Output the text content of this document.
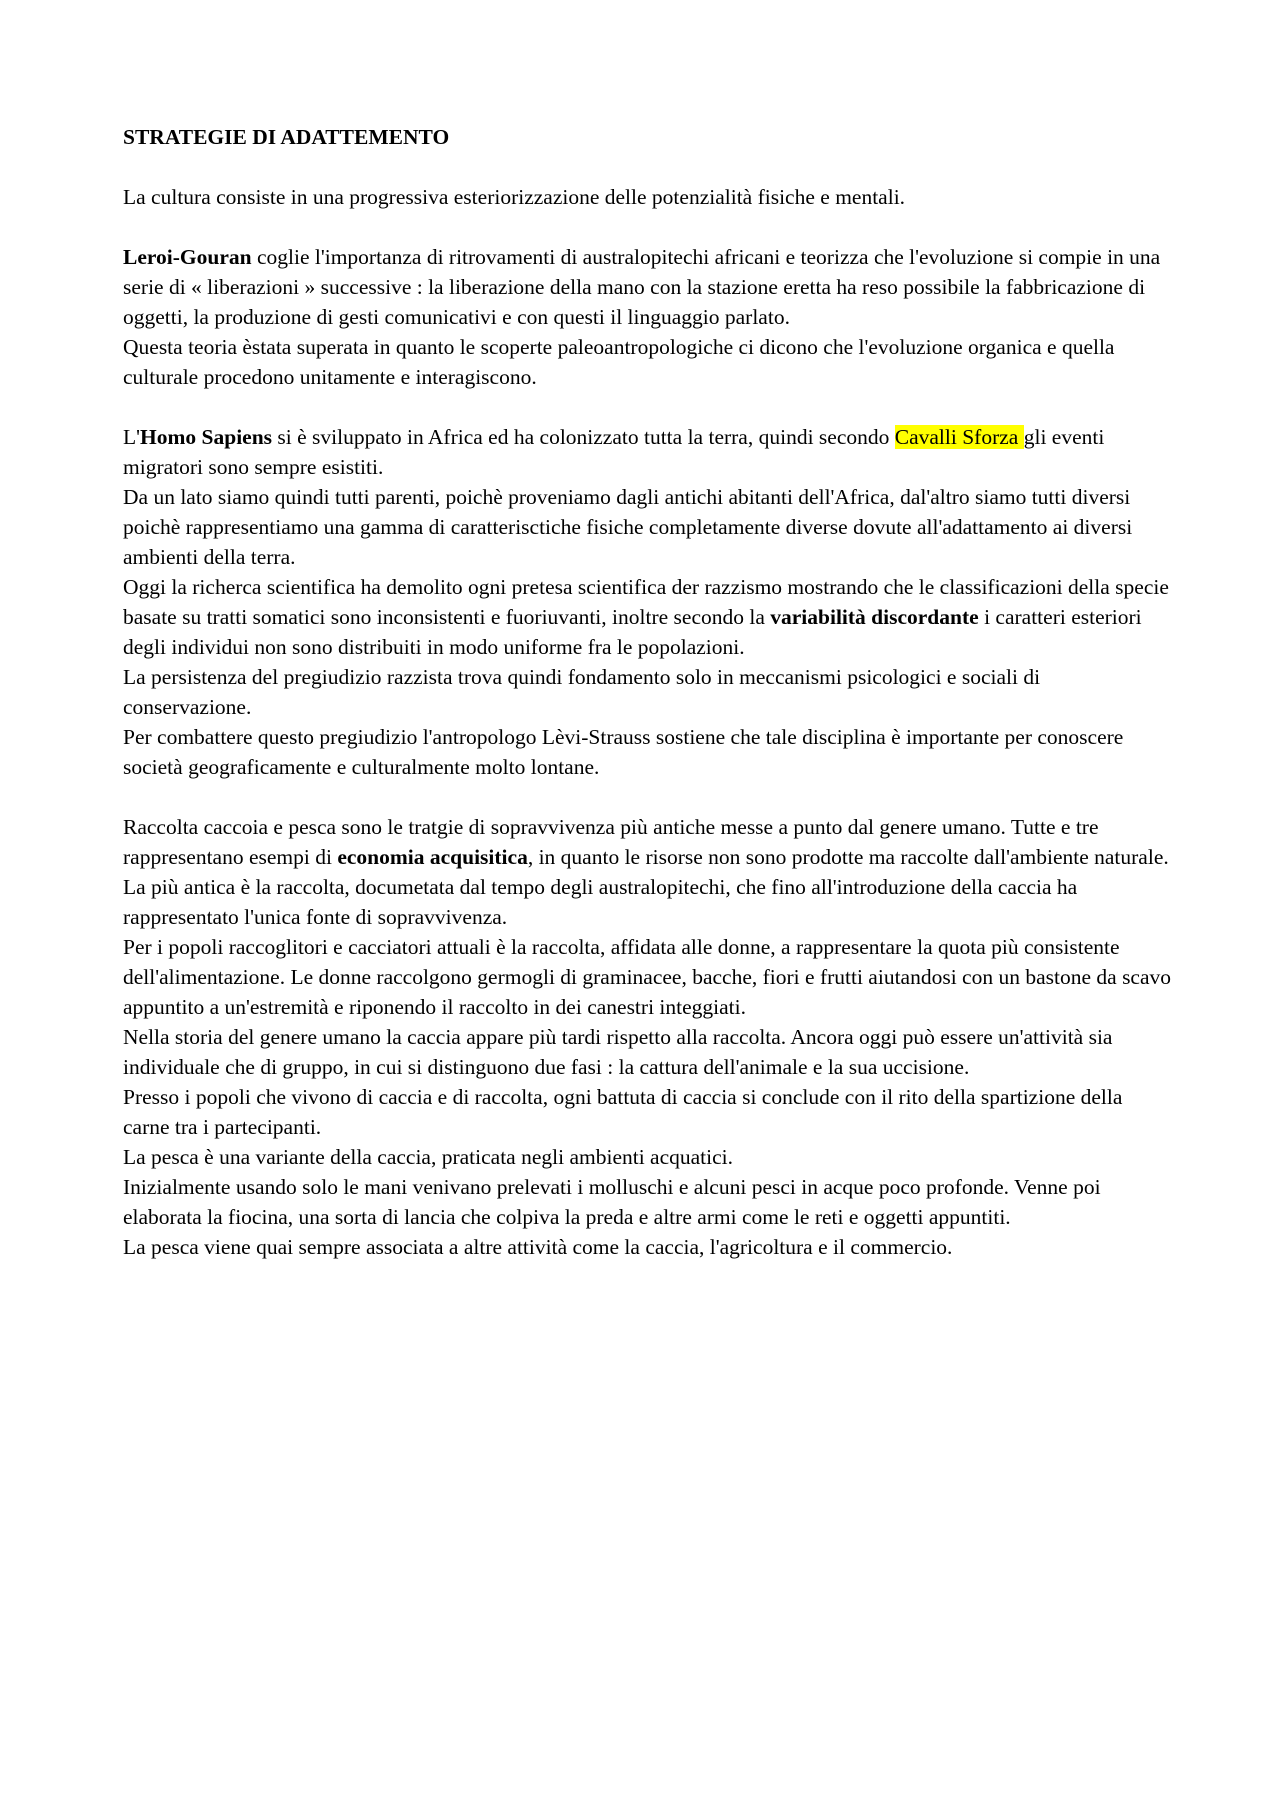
STRATEGIE DI ADATTEMENTO

La cultura consiste in una progressiva esteriorizzazione delle potenzialità fisiche e mentali.

Leroi-Gouran coglie l'importanza di ritrovamenti di australopitechi africani e teorizza che l'evoluzione si compie in una serie di « liberazioni » successive : la liberazione della mano con la stazione eretta ha reso possibile la fabbricazione di oggetti, la produzione di gesti comunicativi e con questi il linguaggio parlato.

Questa teoria èstata superata in quanto le scoperte paleoantropologiche ci dicono che l'evoluzione organica e quella culturale procedono unitamente e interagiscono.

L'Homo Sapiens si è sviluppato in Africa ed ha colonizzato tutta la terra, quindi secondo Cavalli Sforza gli eventi migratori sono sempre esistiti.

Da un lato siamo quindi tutti parenti, poichè proveniamo dagli antichi abitanti dell'Africa, dal'altro siamo tutti diversi poichè rappresentiamo una gamma di caratterisctiche fisiche completamente diverse dovute all'adattamento ai diversi ambienti della terra.

Oggi la richerca scientifica ha demolito ogni pretesa scientifica der razzismo mostrando che le classificazioni della specie basate su tratti somatici sono inconsistenti e fuoriuvanti, inoltre secondo la variabilità discordante i caratteri esteriori degli individui non sono distribuiti in modo uniforme fra le popolazioni.

La persistenza del pregiudizio razzista trova quindi fondamento solo in meccanismi psicologici e sociali di conservazione.

Per combattere questo pregiudizio l'antropologo Lèvi-Strauss sostiene che tale disciplina è importante per conoscere società geograficamente e culturalmente molto lontane.

Raccolta caccoia e pesca sono le tratgie di sopravvivenza più antiche messe a punto dal genere umano. Tutte e tre rappresentano esempi di economia acquisitica, in quanto le risorse non sono prodotte ma raccolte dall'ambiente naturale.

La più antica è la raccolta, documetata dal tempo degli australopitechi, che fino all'introduzione della caccia ha rappresentato l'unica fonte di sopravvivenza.

Per i popoli raccoglitori e cacciatori attuali è la raccolta, affidata alle donne, a rappresentare la quota più consistente dell'alimentazione. Le donne raccolgono germogli di graminacee, bacche, fiori e frutti aiutandosi con un bastone da scavo appuntito a un'estremità e riponendo il raccolto in dei canestri integgiati.

Nella storia del genere umano la caccia appare più tardi rispetto alla raccolta. Ancora oggi può essere un'attività sia individuale che di gruppo, in cui si distinguono due fasi : la cattura dell'animale e la sua uccisione.

Presso i popoli che vivono di caccia e di raccolta, ogni battuta di caccia si conclude con il rito della spartizione della carne tra i partecipanti.

La pesca è una variante della caccia, praticata negli ambienti acquatici.

Inizialmente usando solo le mani venivano prelevati i molluschi e alcuni pesci in acque poco profonde. Venne poi elaborata la fiocina, una sorta di lancia che colpiva la preda e altre armi come le reti e oggetti appuntiti.

La pesca viene quai sempre associata a altre attività come la caccia, l'agricoltura e il commercio.
